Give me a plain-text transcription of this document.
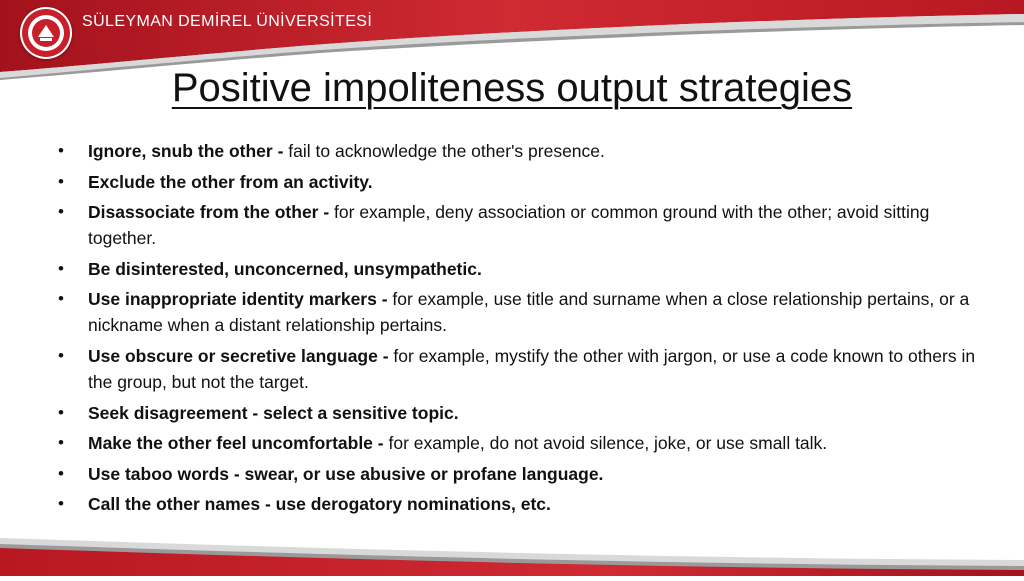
SÜLEYMAN DEMİREL ÜNİVERSİTESİ
Positive impoliteness output strategies
• Ignore, snub the other - fail to acknowledge the other's presence.
• Exclude the other from an activity.
• Disassociate from the other - for example, deny association or common ground with the other; avoid sitting together.
• Be disinterested, unconcerned, unsympathetic.
• Use inappropriate identity markers - for example, use title and surname when a close relationship pertains, or a nickname when a distant relationship pertains.
• Use obscure or secretive language - for example, mystify the other with jargon, or use a code known to others in the group, but not the target.
• Seek disagreement - select a sensitive topic.
• Make the other feel uncomfortable - for example, do not avoid silence, joke, or use small talk.
• Use taboo words - swear, or use abusive or profane language.
• Call the other names - use derogatory nominations, etc.
